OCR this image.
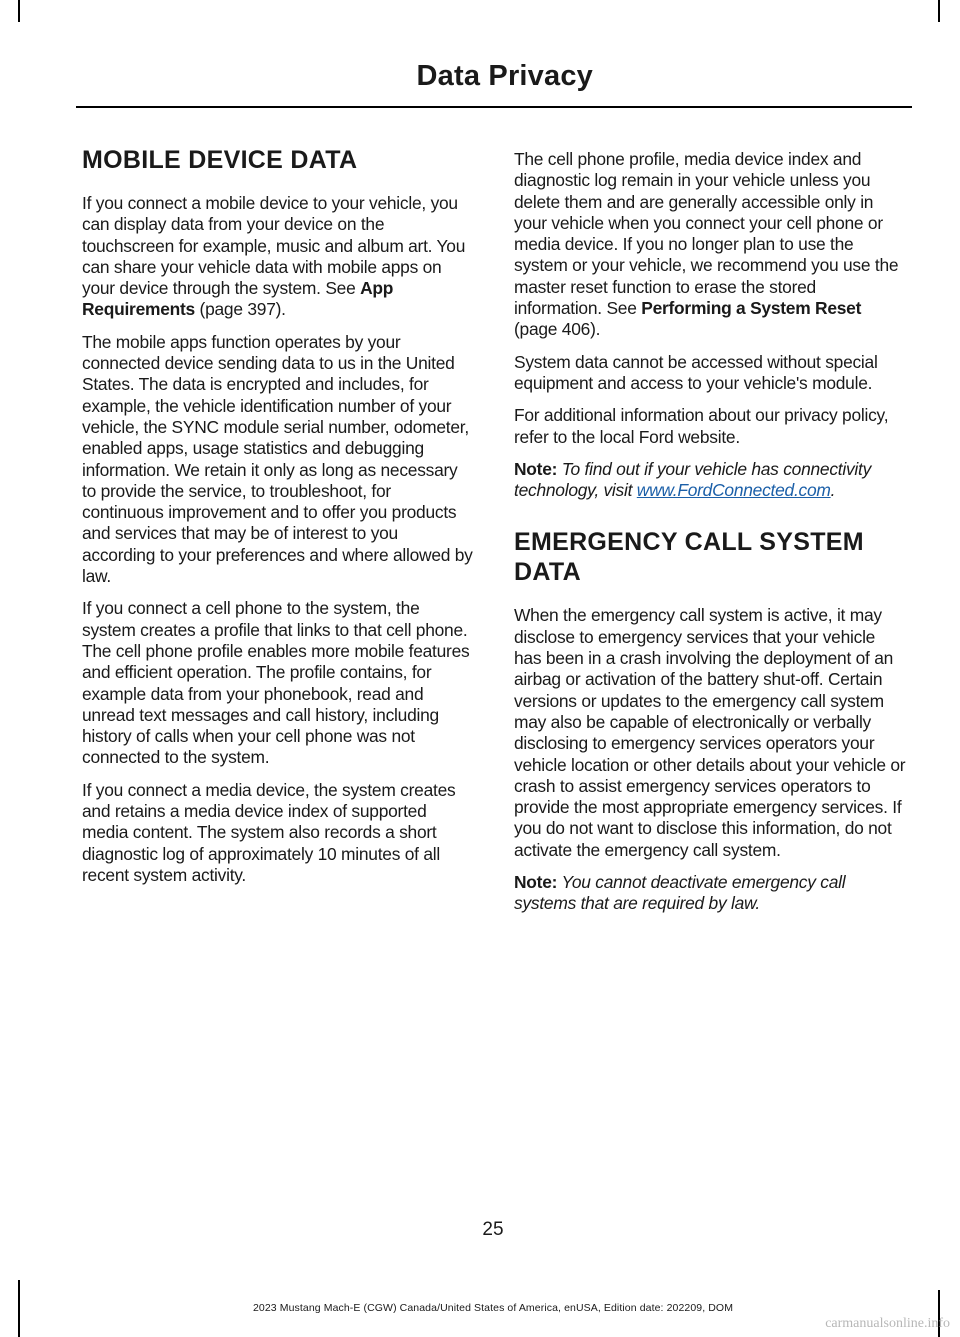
Data Privacy
MOBILE DEVICE DATA

If you connect a mobile device to your vehicle, you can display data from your device on the touchscreen for example, music and album art. You can share your vehicle data with mobile apps on your device through the system. See App Requirements (page 397).

The mobile apps function operates by your connected device sending data to us in the United States. The data is encrypted and includes, for example, the vehicle identification number of your vehicle, the SYNC module serial number, odometer, enabled apps, usage statistics and debugging information. We retain it only as long as necessary to provide the service, to troubleshoot, for continuous improvement and to offer you products and services that may be of interest to you according to your preferences and where allowed by law.

If you connect a cell phone to the system, the system creates a profile that links to that cell phone. The cell phone profile enables more mobile features and efficient operation. The profile contains, for example data from your phonebook, read and unread text messages and call history, including history of calls when your cell phone was not connected to the system.

If you connect a media device, the system creates and retains a media device index of supported media content. The system also records a short diagnostic log of approximately 10 minutes of all recent system activity.

The cell phone profile, media device index and diagnostic log remain in your vehicle unless you delete them and are generally accessible only in your vehicle when you connect your cell phone or media device. If you no longer plan to use the system or your vehicle, we recommend you use the master reset function to erase the stored information. See Performing a System Reset (page 406).

System data cannot be accessed without special equipment and access to your vehicle's module.

For additional information about our privacy policy, refer to the local Ford website.

Note: To find out if your vehicle has connectivity technology, visit www.FordConnected.com.

EMERGENCY CALL SYSTEM
DATA

When the emergency call system is active, it may disclose to emergency services that your vehicle has been in a crash involving the deployment of an airbag or activation of the battery shut-off. Certain versions or updates to the emergency call system may also be capable of electronically or verbally disclosing to emergency services operators your vehicle location or other details about your vehicle or crash to assist emergency services operators to provide the most appropriate emergency services. If you do not want to disclose this information, do not activate the emergency call system.

Note: You cannot deactivate emergency call systems that are required by law.

25
2023 Mustang Mach-E (CGW) Canada/United States of America, enUSA, Edition date: 202209, DOM
carmanualsonline.info
